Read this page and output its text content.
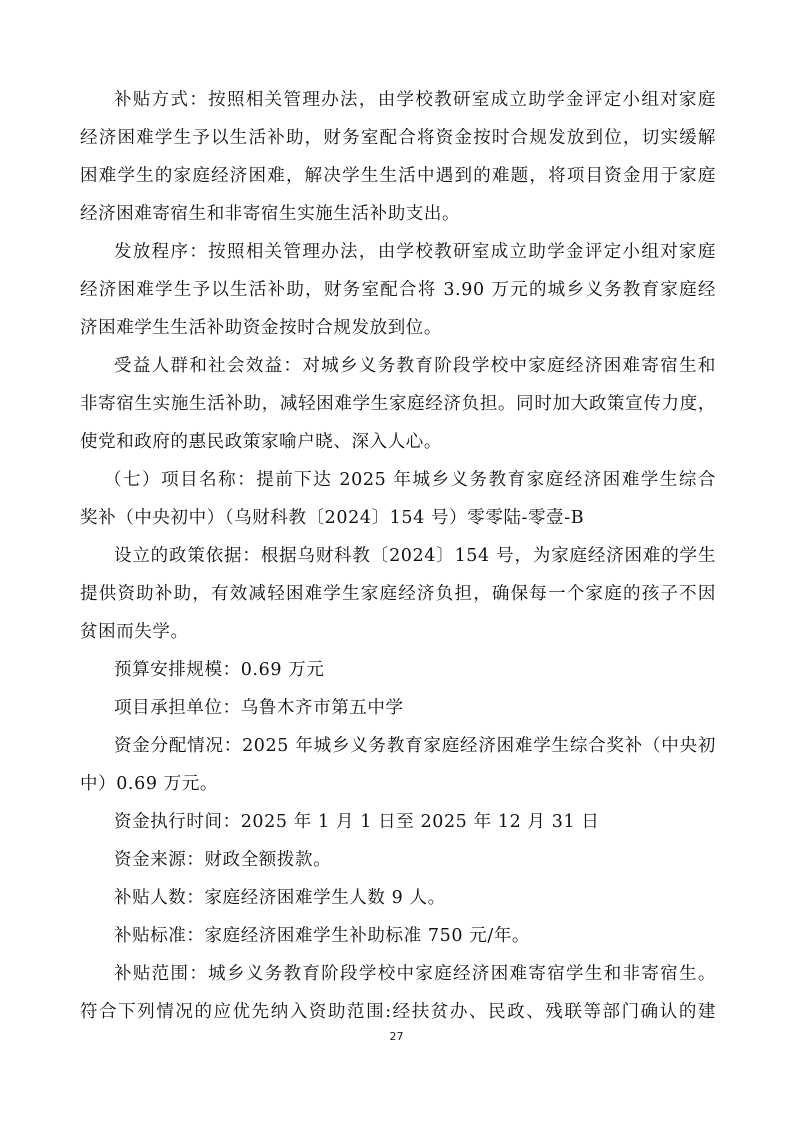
补贴方式：按照相关管理办法，由学校教研室成立助学金评定小组对家庭
经济困难学生予以生活补助，财务室配合将资金按时合规发放到位，切实缓解
困难学生的家庭经济困难，解决学生生活中遇到的难题，将项目资金用于家庭
经济困难寄宿生和非寄宿生实施生活补助支出。
发放程序：按照相关管理办法，由学校教研室成立助学金评定小组对家庭
经济困难学生予以生活补助，财务室配合将 3.90 万元的城乡义务教育家庭经
济困难学生生活补助资金按时合规发放到位。
受益人群和社会效益：对城乡义务教育阶段学校中家庭经济困难寄宿生和
非寄宿生实施生活补助，减轻困难学生家庭经济负担。同时加大政策宣传力度，
使党和政府的惠民政策家喻户晓、深入人心。
（七）项目名称：提前下达 2025 年城乡义务教育家庭经济困难学生综合
奖补（中央初中）（乌财科教〔2024〕154 号）零零陆-零壹-B
设立的政策依据：根据乌财科教〔2024〕154 号，为家庭经济困难的学生
提供资助补助，有效减轻困难学生家庭经济负担，确保每一个家庭的孩子不因
贫困而失学。
预算安排规模：0.69 万元
项目承担单位：乌鲁木齐市第五中学
资金分配情况：2025 年城乡义务教育家庭经济困难学生综合奖补（中央初
中）0.69 万元。
资金执行时间：2025 年 1 月 1 日至 2025 年 12 月 31 日
资金来源：财政全额拨款。
补贴人数：家庭经济困难学生人数 9 人。
补贴标准：家庭经济困难学生补助标准 750 元/年。
补贴范围：城乡义务教育阶段学校中家庭经济困难寄宿学生和非寄宿生。
符合下列情况的应优先纳入资助范围:经扶贫办、民政、残联等部门确认的建
27
